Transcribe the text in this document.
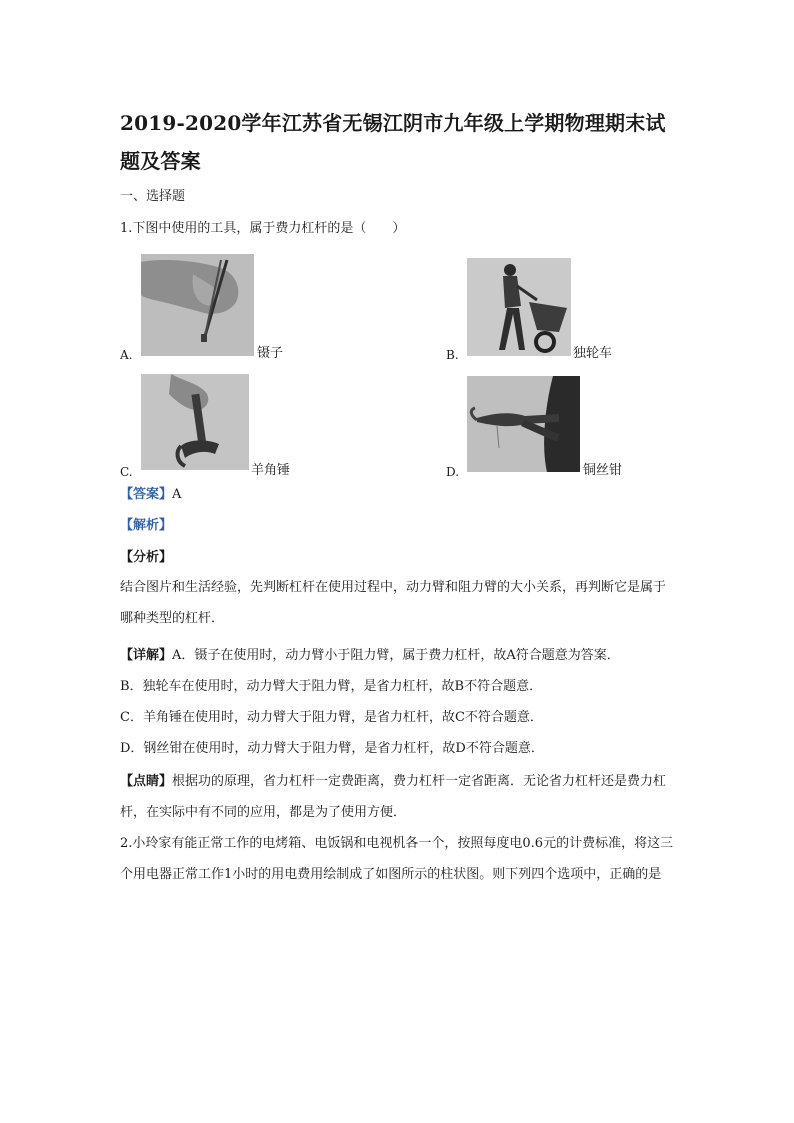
2019-2020学年江苏省无锡江阴市九年级上学期物理期末试题及答案
一、选择题
1.下图中使用的工具，属于费力杠杆的是（　　）
A.	镊子	B.	独轮车
C.	羊角锤	D.	铜丝钳
【答案】A
【解析】
【分析】
结合图片和生活经验，先判断杠杆在使用过程中，动力臂和阻力臂的大小关系，再判断它是属于哪种类型的杠杆．
【详解】A．镊子在使用时，动力臂小于阻力臂，属于费力杠杆，故A符合题意为答案．
B．独轮车在使用时，动力臂大于阻力臂，是省力杠杆，故B不符合题意．
C．羊角锤在使用时，动力臂大于阻力臂，是省力杠杆，故C不符合题意．
D．钢丝钳在使用时，动力臂大于阻力臂，是省力杠杆，故D不符合题意．
【点睛】根据功的原理，省力杠杆一定费距离，费力杠杆一定省距离．无论省力杠杆还是费力杠杆，在实际中有不同的应用，都是为了使用方便．
2.小玲家有能正常工作的电烤箱、电饭锅和电视机各一个，按照每度电0.6元的计费标准，将这三个用电器正常工作1小时的用电费用绘制成了如图所示的柱状图。则下列四个选项中，正确的是
